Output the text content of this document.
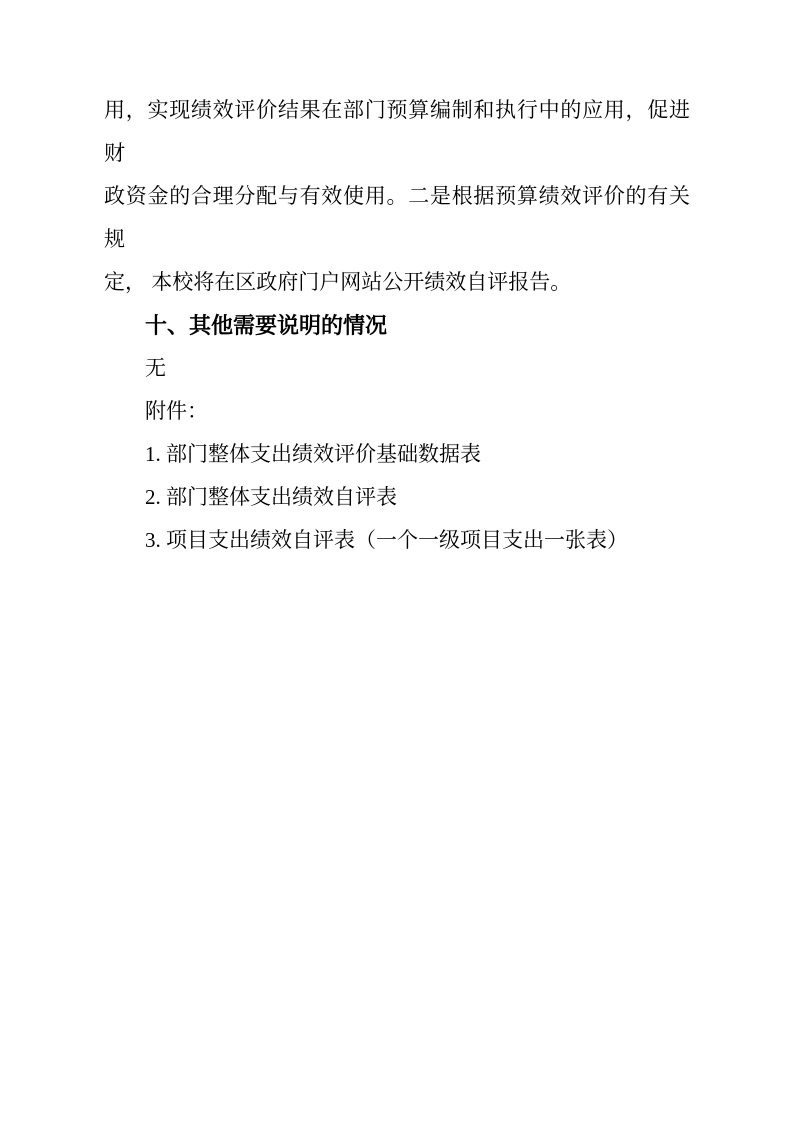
用，实现绩效评价结果在部门预算编制和执行中的应用，促进财
政资金的合理分配与有效使用。二是根据预算绩效评价的有关规
定， 本校将在区政府门户网站公开绩效自评报告。
十、其他需要说明的情况
无
附件：
1. 部门整体支出绩效评价基础数据表
2. 部门整体支出绩效自评表
3. 项目支出绩效自评表（一个一级项目支出一张表）
